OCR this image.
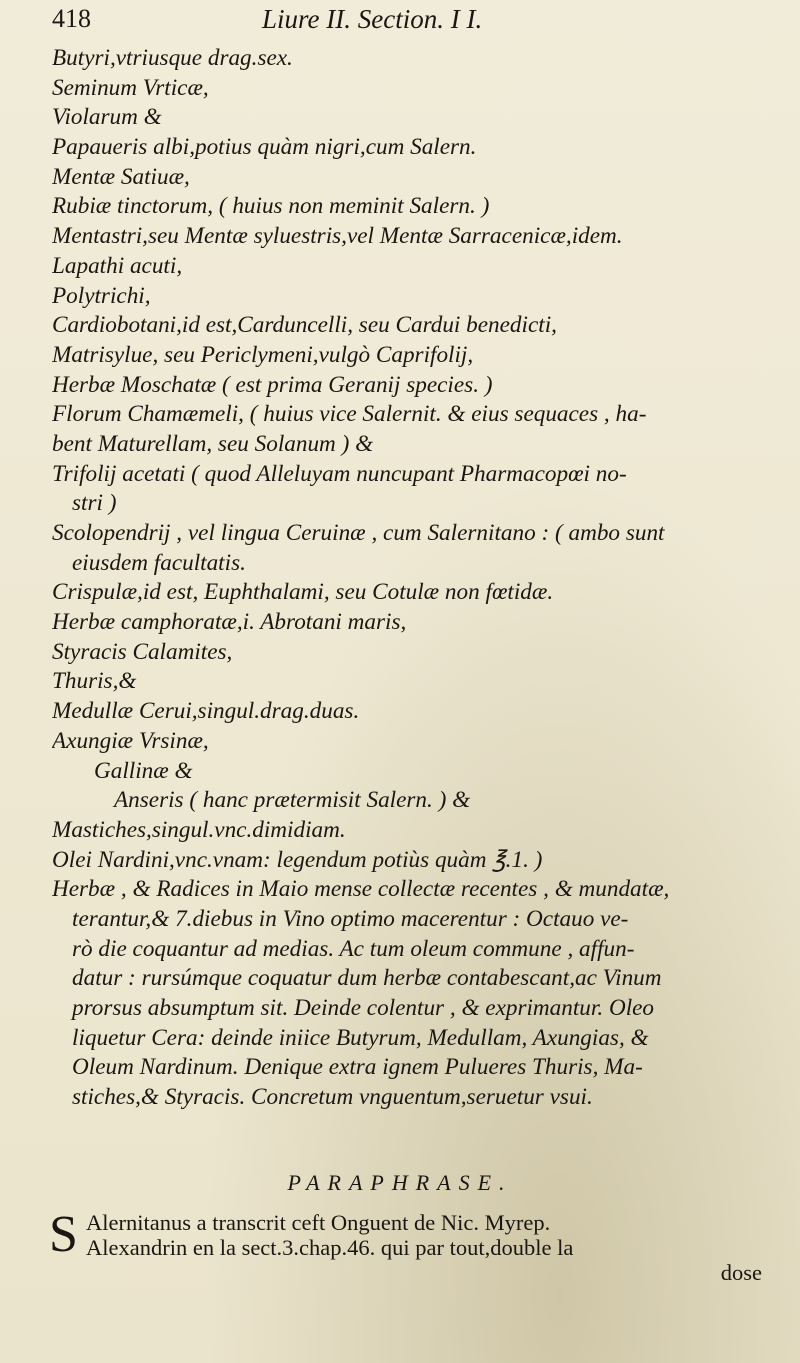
418	Liure II. Section. I I.
Butyri,vtriusque drag.sex.
Seminum Vrticæ,
Violarum &
Papaueris albi,potius quàm nigri,cum Salern.
Mentæ Satiuæ,
Rubiæ tinctorum, ( huius non meminit Salern. )
Mentastri,seu Mentæ syluestris,vel Mentæ Sarracenicæ,idem.
Lapathi acuti,
Polytrichi,
Cardiobotani,id est,Carduncelli, seu Cardui benedicti,
Matrisylue, seu Periclymeni,vulgò Caprifolij,
Herbæ Moschatæ ( est prima Geranij species. )
Florum Chamæmeli, ( huius vice Salernit. & eius sequaces , ha-
bent Maturellam, seu Solanum ) &
Trifolij acetati ( quod Alleluyam nuncupant Pharmacopœi no-
stri )
Scolopendrij , vel lingua Ceruinæ , cum Salernitano : ( ambo sunt
eiusdem facultatis.
Crispulæ,id est, Euphthalami, seu Cotulæ non fœtidæ.
Herbæ camphoratæ,i. Abrotani maris,
Styracis Calamites,
Thuris,&
Medullæ Cerui,singul.drag.duas.
Axungiæ Vrsinæ,
Gallinæ &
Anseris ( hanc prætermisit Salern. ) &
Mastiches,singul.vnc.dimidiam.
Olei Nardini,vnc.vnam: legendum potiùs quàm ℥.1. )
Herbæ , & Radices in Maio mense collectæ recentes , & mundatæ,
terantur,& 7.diebus in Vino optimo macerentur : Octauo ve-
rò die coquantur ad medias. Ac tum oleum commune , affun-
datur : rursúmque coquatur dum herbæ contabescant,ac Vinum
prorsus absumptum sit. Deinde colentur , & exprimantur. Oleo
liquetur Cera: deinde iniice Butyrum, Medullam, Axungias, &
Oleum Nardinum. Denique extra ignem Pulueres Thuris, Ma-
stiches,& Styracis. Concretum vnguentum,seruetur vsui.
PARAPHRASE.
S Alernitanus a transcrit ceft Onguent de Nic. Myrep.
Alexandrin en la sect.3.chap.46. qui par tout,double la
dose
